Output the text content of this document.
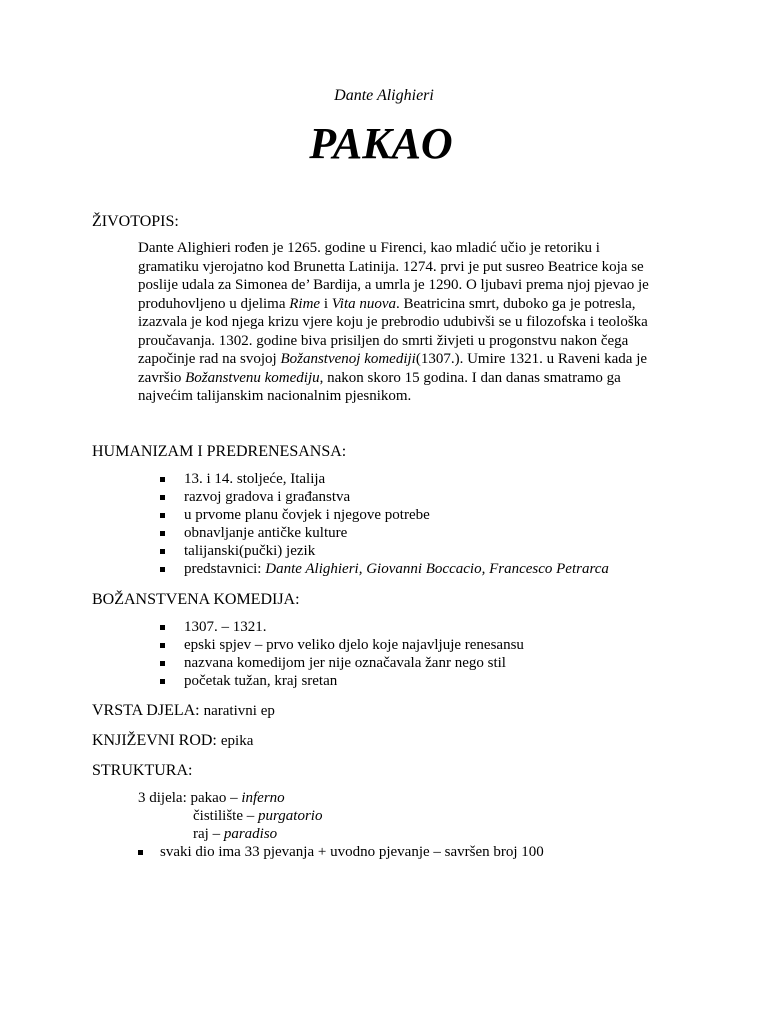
Dante Alighieri
PAKAO
ŽIVOTOPIS:
Dante Alighieri rođen je 1265. godine u Firenci, kao mladić učio je retoriku i
gramatiku vjerojatno kod Brunetta Latinija. 1274. prvi je put susreo Beatrice koja se
poslije udala za Simonea de’ Bardija, a umrla je 1290. O ljubavi prema njoj pjevao je
produhovljeno u djelima Rime i Vita nuova. Beatricina smrt, duboko ga je potresla,
izazvala je kod njega krizu vjere koju je prebrodio udubivši se u filozofska i teološka
proučavanja. 1302. godine biva prisiljen do smrti živjeti u progonstvu nakon čega
započinje rad na svojoj Božanstvenoj komediji(1307.). Umire 1321. u Raveni kada je
završio Božanstvenu komediju, nakon skoro 15 godina. I dan danas smatramo ga
najvećim talijanskim nacionalnim pjesnikom.
HUMANIZAM I PREDRENESANSA:
13. i 14. stoljeće, Italija
razvoj gradova i građanstva
u prvome planu čovjek i njegove potrebe
obnavljanje antičke kulture
talijanski(pučki) jezik
predstavnici: Dante Alighieri, Giovanni Boccacio, Francesco Petrarca
BOŽANSTVENA KOMEDIJA:
1307. – 1321.
epski spjev – prvo veliko djelo koje najavljuje renesansu
nazvana komedijom jer nije označavala žanr nego stil
početak tužan, kraj sretan
VRSTA DJELA: narativni ep
KNJIŽEVNI ROD: epika
STRUKTURA:
3 dijela: pakao – inferno
čistilište – purgatorio
raj – paradiso
svaki dio ima 33 pjevanja + uvodno pjevanje – savršen broj 100
